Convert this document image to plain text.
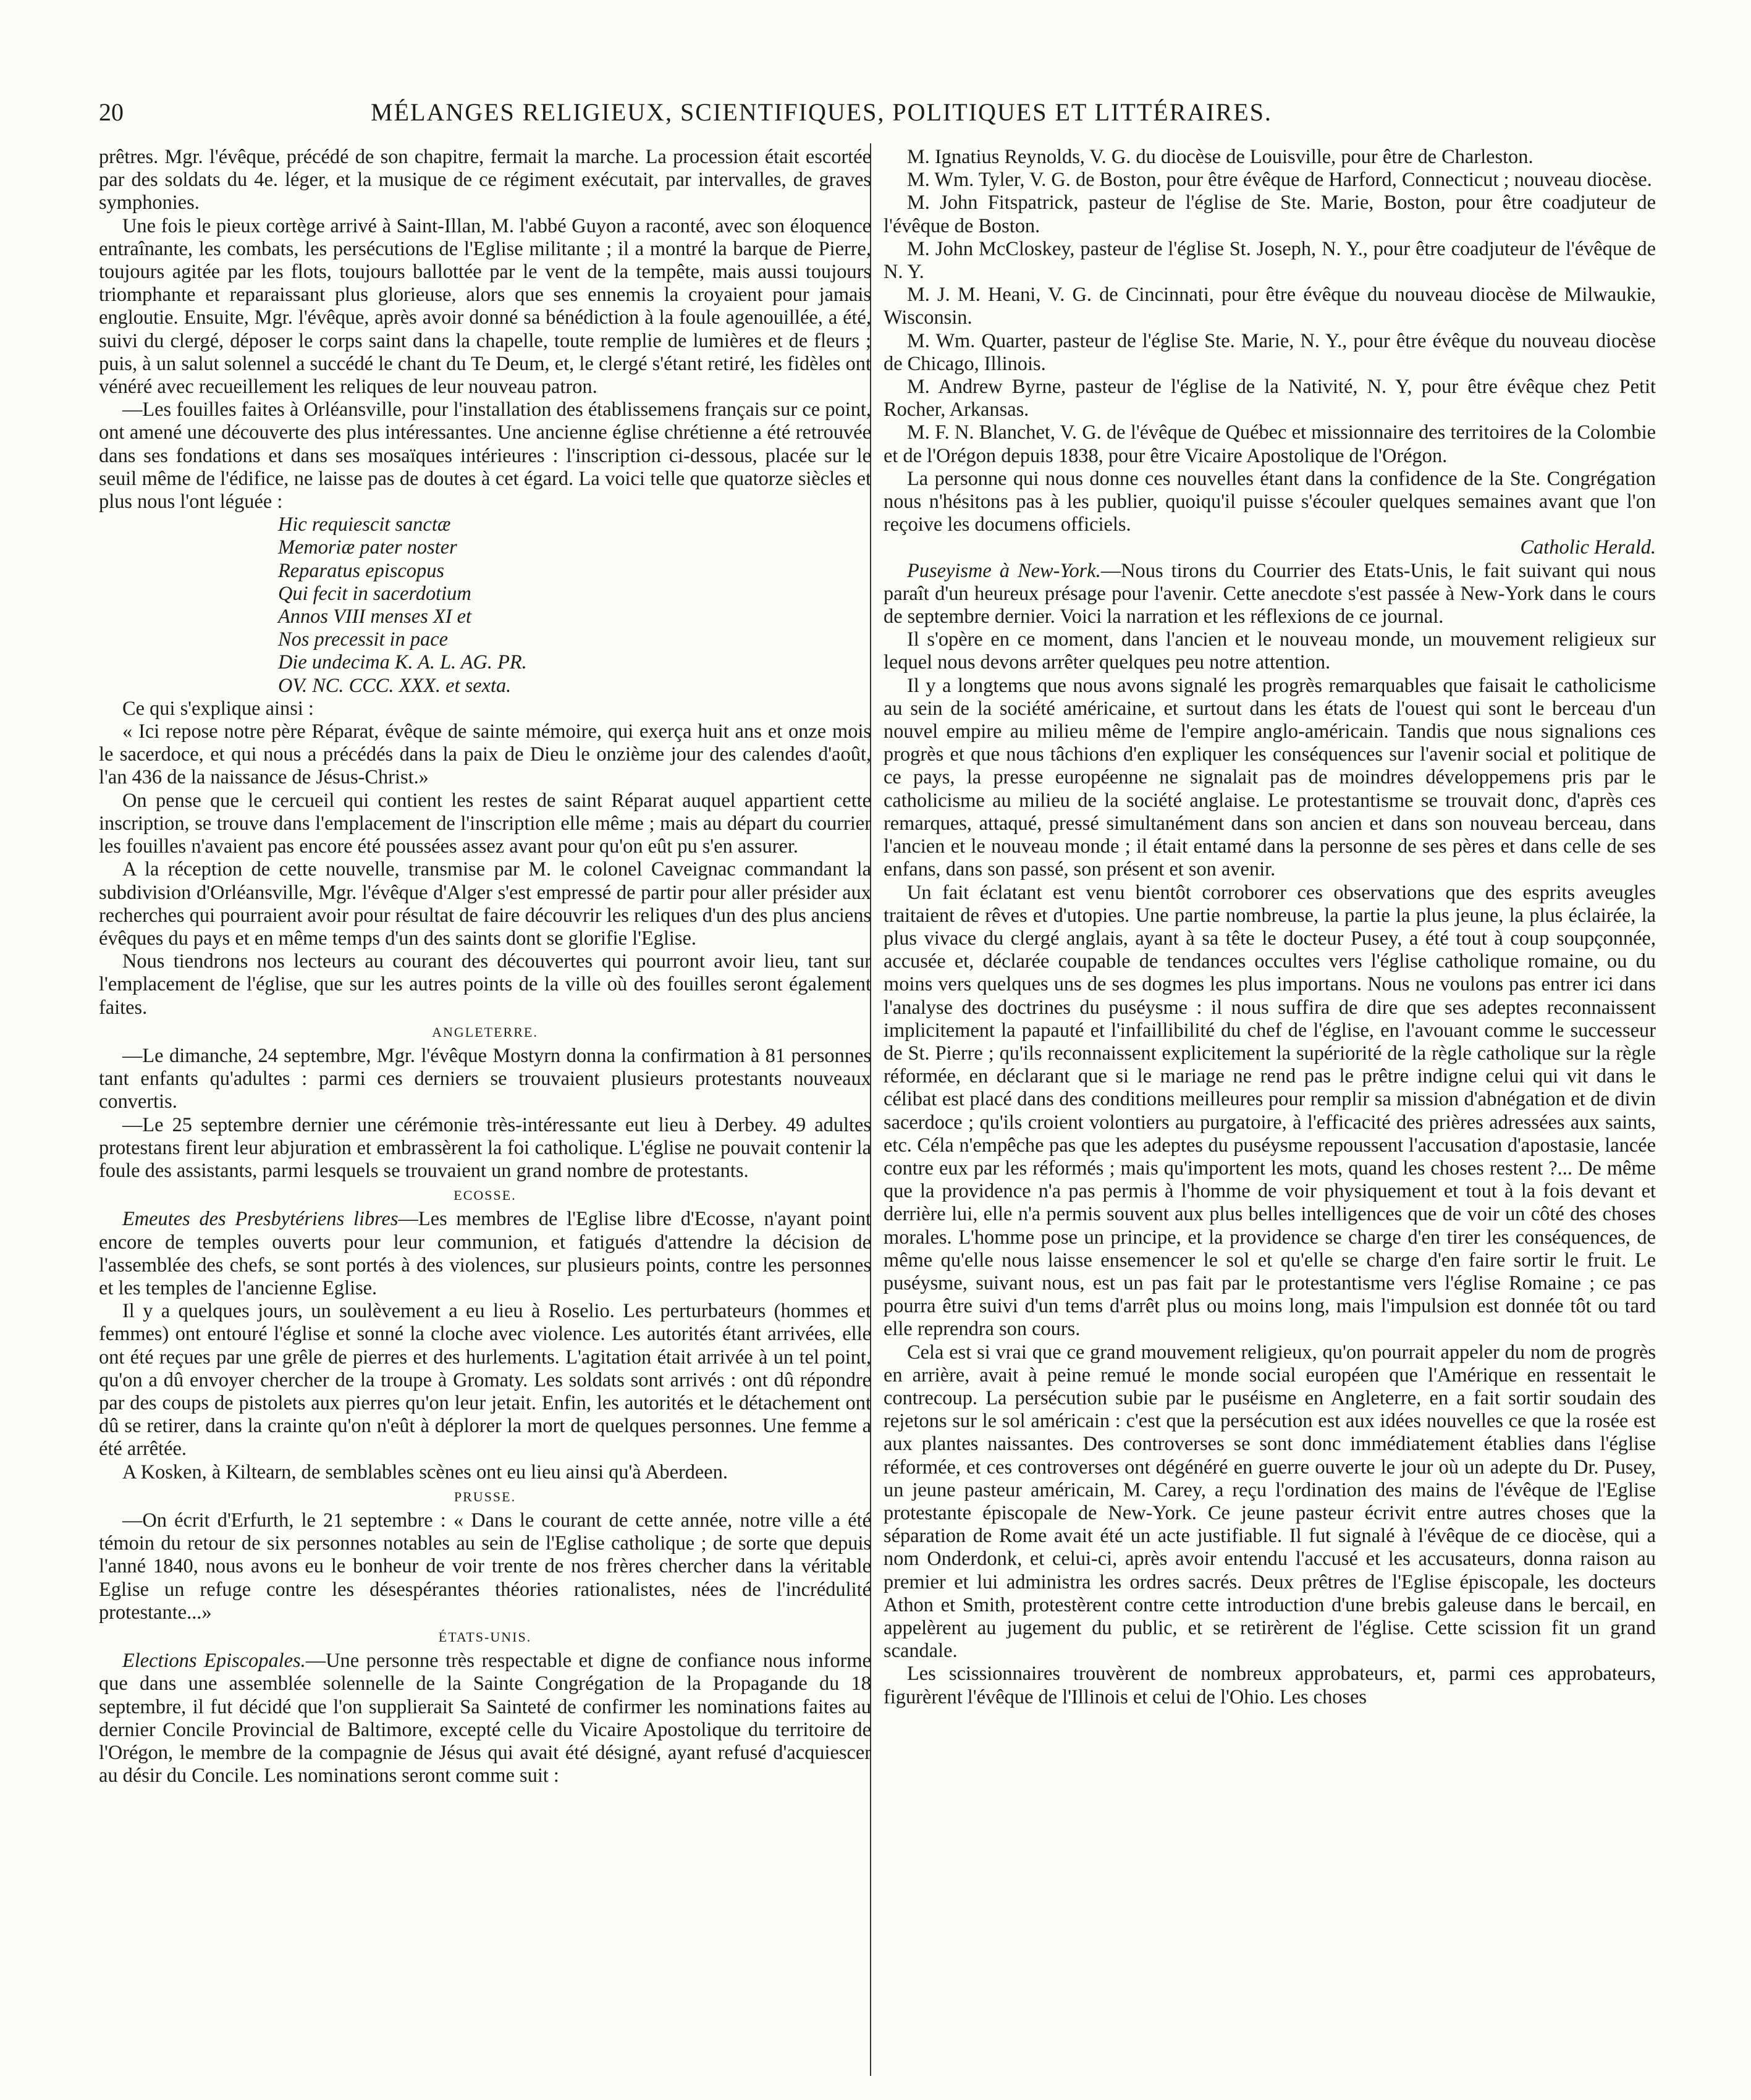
20	MÉLANGES RELIGIEUX, SCIENTIFIQUES, POLITIQUES ET LITTÉRAIRES.

prêtres. Mgr. l'évêque, précédé de son chapitre, fermait la marche. La procession était escortée par des soldats du 4e. léger, et la musique de ce régiment exécutait, par intervalles, de graves symphonies.

Une fois le pieux cortège arrivé à Saint-Illan, M. l'abbé Guyon a raconté, avec son éloquence entraînante, les combats, les persécutions de l'Eglise militante ; il a montré la barque de Pierre, toujours agitée par les flots, toujours ballottée par le vent de la tempête, mais aussi toujours triomphante et reparaissant plus glorieuse, alors que ses ennemis la croyaient pour jamais engloutie. Ensuite, Mgr. l'évêque, après avoir donné sa bénédiction à la foule agenouillée, a été, suivi du clergé, déposer le corps saint dans la chapelle, toute remplie de lumières et de fleurs ; puis, à un salut solennel a succédé le chant du Te Deum, et, le clergé s'étant retiré, les fidèles ont vénéré avec recueillement les reliques de leur nouveau patron.

—Les fouilles faites à Orléansville, pour l'installation des établissemens français sur ce point, ont amené une découverte des plus intéressantes. Une ancienne église chrétienne a été retrouvée dans ses fondations et dans ses mosaïques intérieures : l'inscription ci-dessous, placée sur le seuil même de l'édifice, ne laisse pas de doutes à cet égard. La voici telle que quatorze siècles et plus nous l'ont léguée :

Hic requiescit sanctæ

Memoriæ pater noster

Reparatus episcopus

Qui fecit in sacerdotium

Annos VIII menses XI et

Nos precessit in pace

Die undecima K. A. L. AG. PR.

OV. NC. CCC. XXX. et sexta.

Ce qui s'explique ainsi :

« Ici repose notre père Réparat, évêque de sainte mémoire, qui exerça huit ans et onze mois le sacerdoce, et qui nous a précédés dans la paix de Dieu le onzième jour des calendes d'août, l'an 436 de la naissance de Jésus-Christ.»

On pense que le cercueil qui contient les restes de saint Réparat auquel appartient cette inscription, se trouve dans l'emplacement de l'inscription elle même ; mais au départ du courrier les fouilles n'avaient pas encore été poussées assez avant pour qu'on eût pu s'en assurer.

A la réception de cette nouvelle, transmise par M. le colonel Caveignac commandant la subdivision d'Orléansville, Mgr. l'évêque d'Alger s'est empressé de partir pour aller présider aux recherches qui pourraient avoir pour résultat de faire découvrir les reliques d'un des plus anciens évêques du pays et en même temps d'un des saints dont se glorifie l'Eglise.

Nous tiendrons nos lecteurs au courant des découvertes qui pourront avoir lieu, tant sur l'emplacement de l'église, que sur les autres points de la ville où des fouilles seront également faites.

ANGLETERRE.

—Le dimanche, 24 septembre, Mgr. l'évêque Mostyrn donna la confirmation à 81 personnes tant enfants qu'adultes : parmi ces derniers se trouvaient plusieurs protestants nouveaux convertis.

—Le 25 septembre dernier une cérémonie très-intéressante eut lieu à Derbey. 49 adultes protestans firent leur abjuration et embrassèrent la foi catholique. L'église ne pouvait contenir la foule des assistants, parmi lesquels se trouvaient un grand nombre de protestants.

ECOSSE.

Emeutes des Presbytériens libres—Les membres de l'Eglise libre d'Ecosse, n'ayant point encore de temples ouverts pour leur communion, et fatigués d'attendre la décision de l'assemblée des chefs, se sont portés à des violences, sur plusieurs points, contre les personnes et les temples de l'ancienne Eglise.

Il y a quelques jours, un soulèvement a eu lieu à Roselio. Les perturbateurs (hommes et femmes) ont entouré l'église et sonné la cloche avec violence. Les autorités étant arrivées, elle ont été reçues par une grêle de pierres et des hurlements. L'agitation était arrivée à un tel point, qu'on a dû envoyer chercher de la troupe à Gromaty. Les soldats sont arrivés : ont dû répondre par des coups de pistolets aux pierres qu'on leur jetait. Enfin, les autorités et le détachement ont dû se retirer, dans la crainte qu'on n'eût à déplorer la mort de quelques personnes. Une femme a été arrêtée.

A Kosken, à Kiltearn, de semblables scènes ont eu lieu ainsi qu'à Aberdeen.

PRUSSE.

—On écrit d'Erfurth, le 21 septembre : « Dans le courant de cette année, notre ville a été témoin du retour de six personnes notables au sein de l'Eglise catholique ; de sorte que depuis l'anné 1840, nous avons eu le bonheur de voir trente de nos frères chercher dans la véritable Eglise un refuge contre les désespérantes théories rationalistes, nées de l'incrédulité protestante...»

ÉTATS-UNIS.

Elections Episcopales.—Une personne très respectable et digne de confiance nous informe que dans une assemblée solennelle de la Sainte Congrégation de la Propagande du 18 septembre, il fut décidé que l'on supplierait Sa Sainteté de confirmer les nominations faites au dernier Concile Provincial de Baltimore, excepté celle du Vicaire Apostolique du territoire de l'Orégon, le membre de la compagnie de Jésus qui avait été désigné, ayant refusé d'acquiescer au désir du Concile. Les nominations seront comme suit :

M. Ignatius Reynolds, V. G. du diocèse de Louisville, pour être de Charleston.

M. Wm. Tyler, V. G. de Boston, pour être évêque de Harford, Connecticut ; nouveau diocèse.

M. John Fitspatrick, pasteur de l'église de Ste. Marie, Boston, pour être coadjuteur de l'évêque de Boston.

M. John McCloskey, pasteur de l'église St. Joseph, N. Y., pour être coadjuteur de l'évêque de N. Y.

M. J. M. Heani, V. G. de Cincinnati, pour être évêque du nouveau diocèse de Milwaukie, Wisconsin.

M. Wm. Quarter, pasteur de l'église Ste. Marie, N. Y., pour être évêque du nouveau diocèse de Chicago, Illinois.

M. Andrew Byrne, pasteur de l'église de la Nativité, N. Y, pour être évêque chez Petit Rocher, Arkansas.

M. F. N. Blanchet, V. G. de l'évêque de Québec et missionnaire des territoires de la Colombie et de l'Orégon depuis 1838, pour être Vicaire Apostolique de l'Orégon.

La personne qui nous donne ces nouvelles étant dans la confidence de la Ste. Congrégation nous n'hésitons pas à les publier, quoiqu'il puisse s'écouler quelques semaines avant que l'on reçoive les documens officiels.

Catholic Herald.

Puseyisme à New-York.—Nous tirons du Courrier des Etats-Unis, le fait suivant qui nous paraît d'un heureux présage pour l'avenir. Cette anecdote s'est passée à New-York dans le cours de septembre dernier. Voici la narration et les réflexions de ce journal.

Il s'opère en ce moment, dans l'ancien et le nouveau monde, un mouvement religieux sur lequel nous devons arrêter quelques peu notre attention.

Il y a longtems que nous avons signalé les progrès remarquables que faisait le catholicisme au sein de la société américaine, et surtout dans les états de l'ouest qui sont le berceau d'un nouvel empire au milieu même de l'empire anglo-américain. Tandis que nous signalions ces progrès et que nous tâchions d'en expliquer les conséquences sur l'avenir social et politique de ce pays, la presse européenne ne signalait pas de moindres développemens pris par le catholicisme au milieu de la société anglaise. Le protestantisme se trouvait donc, d'après ces remarques, attaqué, pressé simultanément dans son ancien et dans son nouveau berceau, dans l'ancien et le nouveau monde ; il était entamé dans la personne de ses pères et dans celle de ses enfans, dans son passé, son présent et son avenir.

Un fait éclatant est venu bientôt corroborer ces observations que des esprits aveugles traitaient de rêves et d'utopies. Une partie nombreuse, la partie la plus jeune, la plus éclairée, la plus vivace du clergé anglais, ayant à sa tête le docteur Pusey, a été tout à coup soupçonnée, accusée et, déclarée coupable de tendances occultes vers l'église catholique romaine, ou du moins vers quelques uns de ses dogmes les plus importans. Nous ne voulons pas entrer ici dans l'analyse des doctrines du puséysme : il nous suffira de dire que ses adeptes reconnaissent implicitement la papauté et l'infaillibilité du chef de l'église, en l'avouant comme le successeur de St. Pierre ; qu'ils reconnaissent explicitement la supériorité de la règle catholique sur la règle réformée, en déclarant que si le mariage ne rend pas le prêtre indigne celui qui vit dans le célibat est placé dans des conditions meilleures pour remplir sa mission d'abnégation et de divin sacerdoce ; qu'ils croient volontiers au purgatoire, à l'efficacité des prières adressées aux saints, etc. Céla n'empêche pas que les adeptes du puséysme repoussent l'accusation d'apostasie, lancée contre eux par les réformés ; mais qu'importent les mots, quand les choses restent ?... De même que la providence n'a pas permis à l'homme de voir physiquement et tout à la fois devant et derrière lui, elle n'a permis souvent aux plus belles intelligences que de voir un côté des choses morales. L'homme pose un principe, et la providence se charge d'en tirer les conséquences, de même qu'elle nous laisse ensemencer le sol et qu'elle se charge d'en faire sortir le fruit. Le puséysme, suivant nous, est un pas fait par le protestantisme vers l'église Romaine ; ce pas pourra être suivi d'un tems d'arrêt plus ou moins long, mais l'impulsion est donnée tôt ou tard elle reprendra son cours.

Cela est si vrai que ce grand mouvement religieux, qu'on pourrait appeler du nom de progrès en arrière, avait à peine remué le monde social européen que l'Amérique en ressentait le contrecoup. La persécution subie par le puséisme en Angleterre, en a fait sortir soudain des rejetons sur le sol américain : c'est que la persécution est aux idées nouvelles ce que la rosée est aux plantes naissantes. Des controverses se sont donc immédiatement établies dans l'église réformée, et ces controverses ont dégénéré en guerre ouverte le jour où un adepte du Dr. Pusey, un jeune pasteur américain, M. Carey, a reçu l'ordination des mains de l'évêque de l'Eglise protestante épiscopale de New-York. Ce jeune pasteur écrivit entre autres choses que la séparation de Rome avait été un acte justifiable. Il fut signalé à l'évêque de ce diocèse, qui a nom Onderdonk, et celui-ci, après avoir entendu l'accusé et les accusateurs, donna raison au premier et lui administra les ordres sacrés. Deux prêtres de l'Eglise épiscopale, les docteurs Athon et Smith, protestèrent contre cette introduction d'une brebis galeuse dans le bercail, en appelèrent au jugement du public, et se retirèrent de l'église. Cette scission fit un grand scandale.

Les scissionnaires trouvèrent de nombreux approbateurs, et, parmi ces approbateurs, figurèrent l'évêque de l'Illinois et celui de l'Ohio. Les choses
